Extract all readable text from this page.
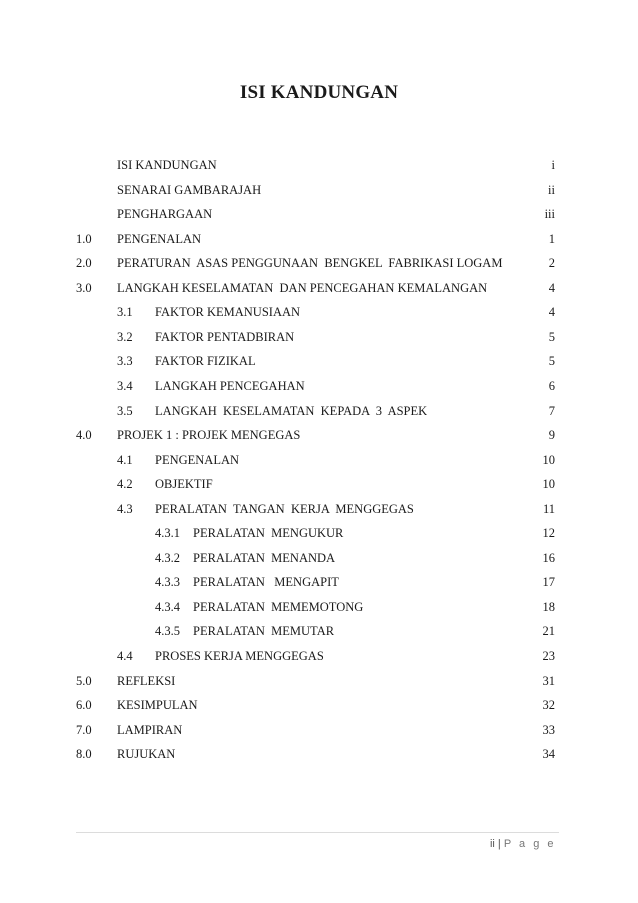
ISI KANDUNGAN
ISI KANDUNGAN	i
SENARAI GAMBARAJAH	ii
PENGHARGAAN	iii
1.0 PENGENALAN	1
2.0 PERATURAN  ASAS PENGGUNAAN  BENGKEL  FABRIKASI LOGAM	2
3.0 LANGKAH KESELAMATAN  DAN PENCEGAHAN KEMALANGAN	4
3.1 FAKTOR KEMANUSIAAN	4
3.2 FAKTOR PENTADBIRAN	5
3.3 FAKTOR FIZIKAL	5
3.4 LANGKAH PENCEGAHAN	6
3.5 LANGKAH  KESELAMATAN  KEPADA  3  ASPEK	7
4.0 PROJEK 1 : PROJEK MENGEGAS	9
4.1 PENGENALAN	10
4.2 OBJEKTIF	10
4.3 PERALATAN  TANGAN  KERJA  MENGGEGAS	11
4.3.1 PERALATAN  MENGUKUR	12
4.3.2 PERALATAN  MENANDA	16
4.3.3 PERALATAN   MENGAPIT	17
4.3.4 PERALATAN  MEMEMOTONG	18
4.3.5 PERALATAN  MEMUTAR	21
4.4 PROSES KERJA MENGGEGAS	23
5.0 REFLEKSI	31
6.0 KESIMPULAN	32
7.0 LAMPIRAN	33
8.0 RUJUKAN	34
ii | P a g e
